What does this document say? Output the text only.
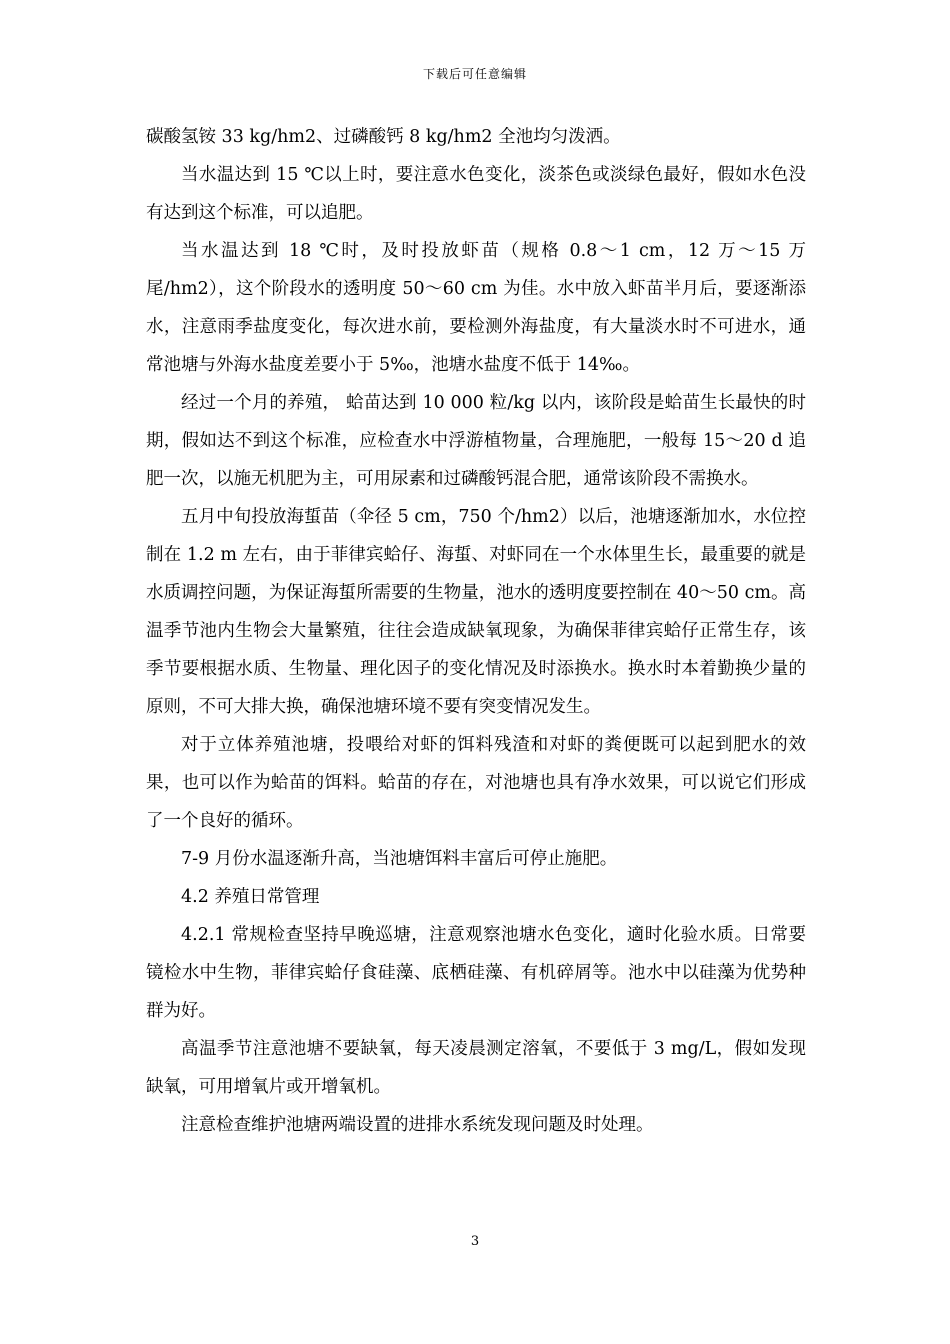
下载后可任意编辑

碳酸氢铵 33 kg/hm2、过磷酸钙 8 kg/hm2 全池均匀泼洒。

当水温达到 15 ℃以上时，要注意水色变化，淡茶色或淡绿色最好，假如水色没有达到这个标准，可以追肥。

当水温达到 18 ℃时，及时投放虾苗（规格 0.8～1 cm，12 万～15 万尾/hm2），这个阶段水的透明度 50～60 cm 为佳。水中放入虾苗半月后，要逐渐添水，注意雨季盐度变化，每次进水前，要检测外海盐度，有大量淡水时不可进水，通常池塘与外海水盐度差要小于 5‰，池塘水盐度不低于 14‰。

经过一个月的养殖， 蛤苗达到 10 000 粒/kg 以内，该阶段是蛤苗生长最快的时期，假如达不到这个标准，应检查水中浮游植物量，合理施肥，一般每 15～20 d 追肥一次，以施无机肥为主，可用尿素和过磷酸钙混合肥，通常该阶段不需换水。

五月中旬投放海蜇苗（伞径 5 cm，750 个/hm2）以后，池塘逐渐加水，水位控制在 1.2 m 左右，由于菲律宾蛤仔、海蜇、对虾同在一个水体里生长，最重要的就是水质调控问题，为保证海蜇所需要的生物量，池水的透明度要控制在 40～50 cm。高温季节池内生物会大量繁殖，往往会造成缺氧现象，为确保菲律宾蛤仔正常生存，该季节要根据水质、生物量、理化因子的变化情况及时添换水。换水时本着勤换少量的原则，不可大排大换，确保池塘环境不要有突变情况发生。

对于立体养殖池塘，投喂给对虾的饵料残渣和对虾的粪便既可以起到肥水的效果，也可以作为蛤苗的饵料。蛤苗的存在，对池塘也具有净水效果，可以说它们形成了一个良好的循环。

7-9 月份水温逐渐升高，当池塘饵料丰富后可停止施肥。

4.2 养殖日常管理

4.2.1 常规检查坚持早晚巡塘，注意观察池塘水色变化，適时化验水质。日常要镜检水中生物，菲律宾蛤仔食硅藻、底栖硅藻、有机碎屑等。池水中以硅藻为优势种群为好。

高温季节注意池塘不要缺氧，每天凌晨测定溶氧，不要低于 3 mg/L，假如发现缺氧，可用增氧片或开增氧机。

注意检查维护池塘两端设置的进排水系统发现问题及时处理。

3
